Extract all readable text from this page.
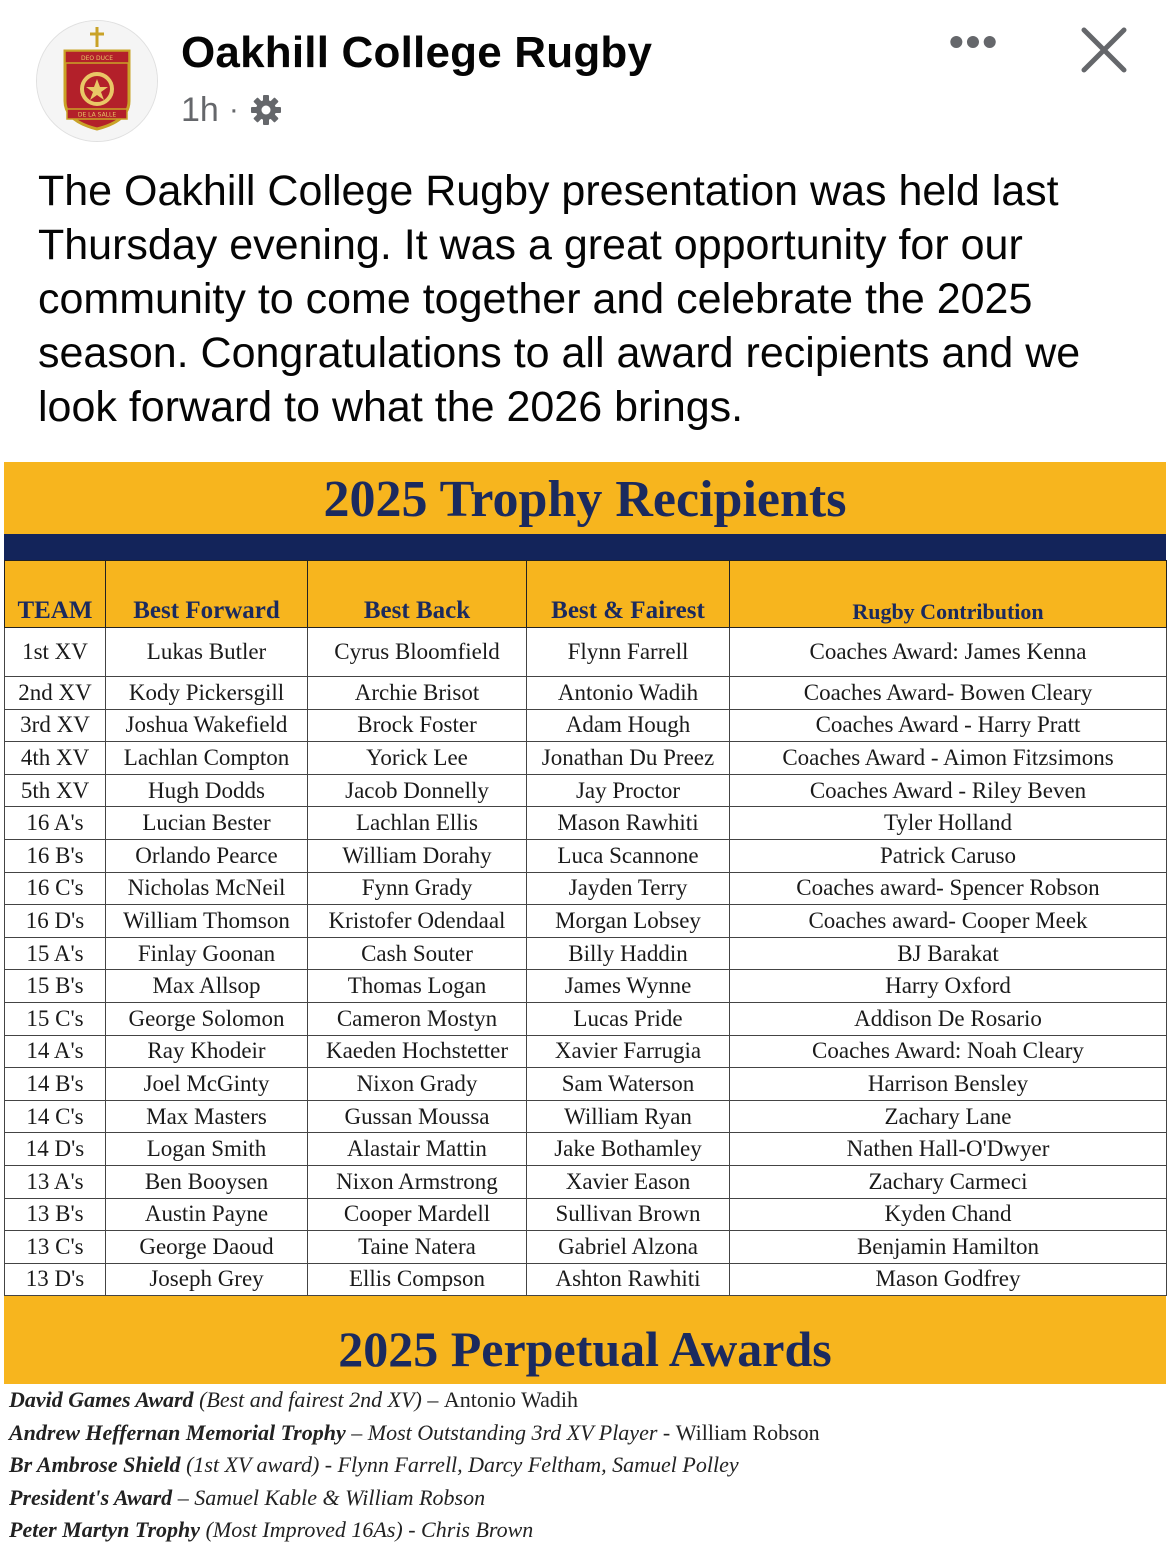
DEO DUCE
DE LA SALLE
Oakhill College Rugby
1h ·
•••
The Oakhill College Rugby presentation was held last Thursday evening. It was a great opportunity for our community to come together and celebrate the 2025 season. Congratulations to all award recipients and we look forward to what the 2026 brings.
2025 Trophy Recipients
TEAM	Best Forward	Best Back	Best & Fairest	Rugby Contribution
1st XV	Lukas Butler	Cyrus Bloomfield	Flynn Farrell	Coaches Award: James Kenna
2nd XV	Kody Pickersgill	Archie Brisot	Antonio Wadih	Coaches Award- Bowen Cleary
3rd XV	Joshua Wakefield	Brock Foster	Adam Hough	Coaches Award - Harry Pratt
4th XV	Lachlan Compton	Yorick Lee	Jonathan Du Preez	Coaches Award - Aimon Fitzsimons
5th XV	Hugh Dodds	Jacob Donnelly	Jay Proctor	Coaches Award - Riley Beven
16 A's	Lucian Bester	Lachlan Ellis	Mason Rawhiti	Tyler Holland
16 B's	Orlando Pearce	William Dorahy	Luca Scannone	Patrick Caruso
16 C's	Nicholas McNeil	Fynn Grady	Jayden Terry	Coaches award- Spencer Robson
16 D's	William Thomson	Kristofer Odendaal	Morgan Lobsey	Coaches award- Cooper Meek
15 A's	Finlay Goonan	Cash Souter	Billy Haddin	BJ Barakat
15 B's	Max Allsop	Thomas Logan	James Wynne	Harry Oxford
15 C's	George Solomon	Cameron Mostyn	Lucas Pride	Addison De Rosario
14 A's	Ray Khodeir	Kaeden Hochstetter	Xavier Farrugia	Coaches Award: Noah Cleary
14 B's	Joel McGinty	Nixon Grady	Sam Waterson	Harrison Bensley
14 C's	Max Masters	Gussan Moussa	William Ryan	Zachary Lane
14 D's	Logan Smith	Alastair Mattin	Jake Bothamley	Nathen Hall-O'Dwyer
13 A's	Ben Booysen	Nixon Armstrong	Xavier Eason	Zachary Carmeci
13 B's	Austin Payne	Cooper Mardell	Sullivan Brown	Kyden Chand
13 C's	George Daoud	Taine Natera	Gabriel Alzona	Benjamin Hamilton
13 D's	Joseph Grey	Ellis Compson	Ashton Rawhiti	Mason Godfrey
2025 Perpetual Awards
David Games Award (Best and fairest 2nd XV) – Antonio Wadih
Andrew Heffernan Memorial Trophy – Most Outstanding 3rd XV Player - William Robson
Br Ambrose Shield (1st XV award) - Flynn Farrell, Darcy Feltham, Samuel Polley
President's Award – Samuel Kable & William Robson
Peter Martyn Trophy (Most Improved 16As) - Chris Brown
